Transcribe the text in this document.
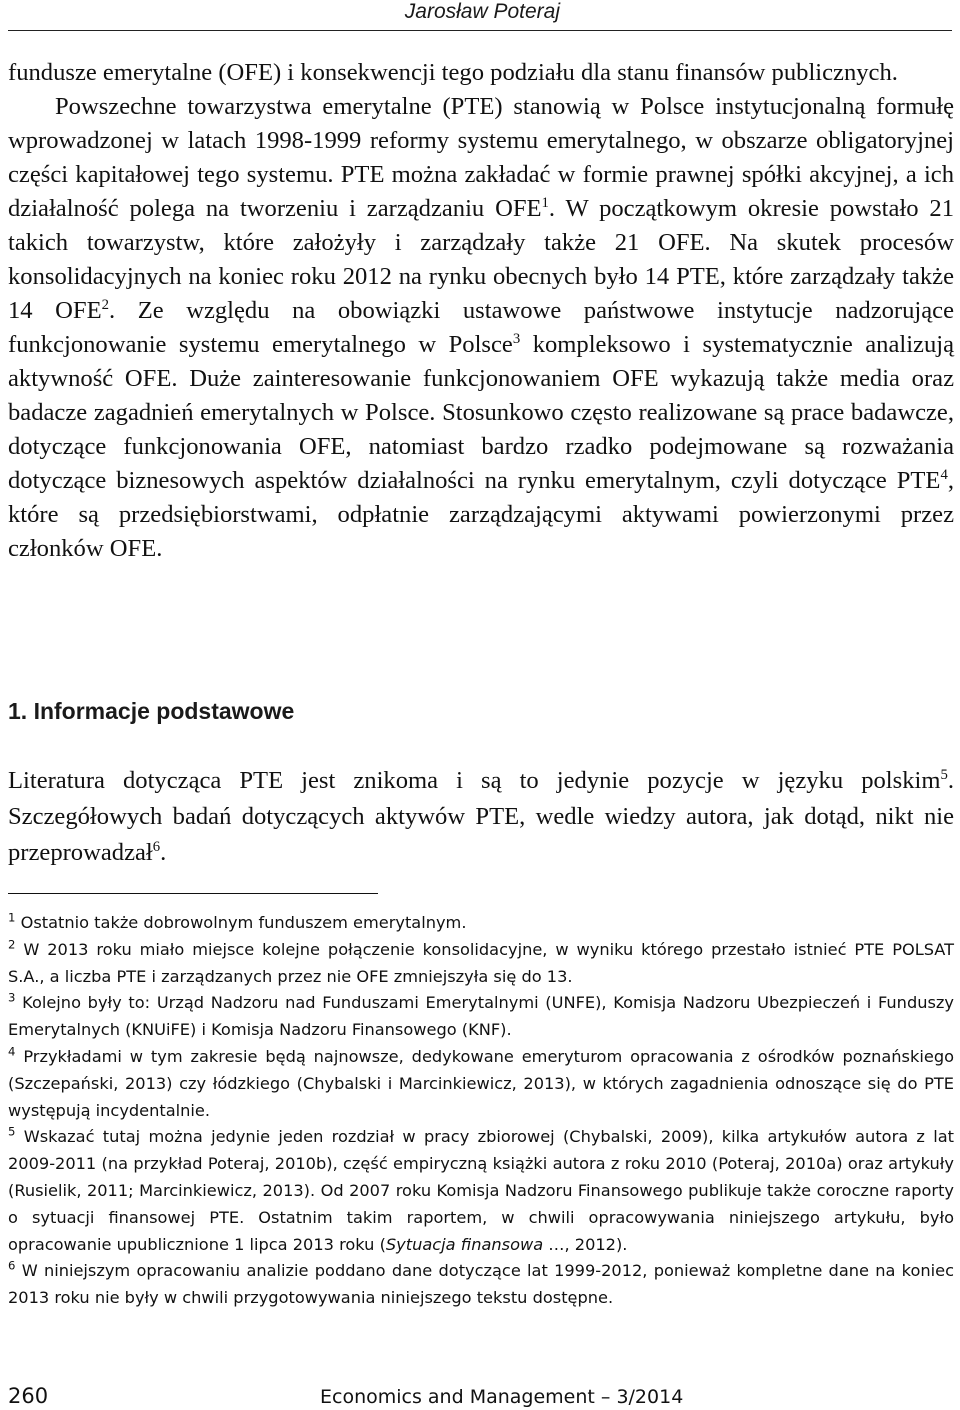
Jarosław Poteraj

fundusze emerytalne (OFE) i konsekwencji tego podziału dla stanu finansów publicznych.

Powszechne towarzystwa emerytalne (PTE) stanowią w Polsce instytucjonalną formułę wprowadzonej w latach 1998-1999 reformy systemu emerytalnego, w obszarze obligatoryjnej części kapitałowej tego systemu. PTE można zakładać w formie prawnej spółki akcyjnej, a ich działalność polega na tworzeniu i zarządzaniu OFE$^1$. W początkowym okresie powstało 21 takich towarzystw, które założyły i zarządzały także 21 OFE. Na skutek procesów konsolidacyjnych na koniec roku 2012 na rynku obecnych było 14 PTE, które zarządzały także 14 OFE$^2$. Ze względu na obowiązki ustawowe państwowe instytucje nadzorujące funkcjonowanie systemu emerytalnego w Polsce$^3$ kompleksowo i systematycznie analizują aktywność OFE. Duże zainteresowanie funkcjonowaniem OFE wykazują także media oraz badacze zagadnień emerytalnych w Polsce. Stosunkowo często realizowane są prace badawcze, dotyczące funkcjonowania OFE, natomiast bardzo rzadko podejmowane są rozważania dotyczące biznesowych aspektów działalności na rynku emerytalnym, czyli dotyczące PTE$^4$, które są przedsiębiorstwami, odpłatnie zarządzającymi aktywami powierzonymi przez członków OFE.

1. Informacje podstawowe
Literatura dotycząca PTE jest znikoma i są to jedynie pozycje w języku polskim$^5$. Szczegółowych badań dotyczących aktywów PTE, wedle wiedzy autora, jak dotąd, nikt nie przeprowadzał$^6$.

$^1$ Ostatnio także dobrowolnym funduszem emerytalnym.

$^2$ W 2013 roku miało miejsce kolejne połączenie konsolidacyjne, w wyniku którego przestało istnieć PTE POLSAT S.A., a liczba PTE i zarządzanych przez nie OFE zmniejszyła się do 13.

$^3$ Kolejno były to: Urząd Nadzoru nad Funduszami Emerytalnymi (UNFE), Komisja Nadzoru Ubezpieczeń i Funduszy Emerytalnych (KNUiFE) i Komisja Nadzoru Finansowego (KNF).

$^4$ Przykładami w tym zakresie będą najnowsze, dedykowane emeryturom opracowania z ośrodków poznańskiego (Szczepański, 2013) czy łódzkiego (Chybalski i Marcinkiewicz, 2013), w których zagadnienia odnoszące się do PTE występują incydentalnie.

$^5$ Wskazać tutaj można jedynie jeden rozdział w pracy zbiorowej (Chybalski, 2009), kilka artykułów autora z lat 2009-2011 (na przykład Poteraj, 2010b), część empiryczną książki autora z roku 2010 (Poteraj, 2010a) oraz artykuły (Rusielik, 2011; Marcinkiewicz, 2013). Od 2007 roku Komisja Nadzoru Finansowego publikuje także coroczne raporty o sytuacji finansowej PTE. Ostatnim takim raportem, w chwili opracowywania niniejszego artykułu, było opracowanie upublicznione 1 lipca 2013 roku (Sytuacja finansowa …, 2012).

$^6$ W niniejszym opracowaniu analizie poddano dane dotyczące lat 1999-2012, ponieważ kompletne dane na koniec 2013 roku nie były w chwili przygotowywania niniejszego tekstu dostępne.

260	Economics and Management – 3/2014
